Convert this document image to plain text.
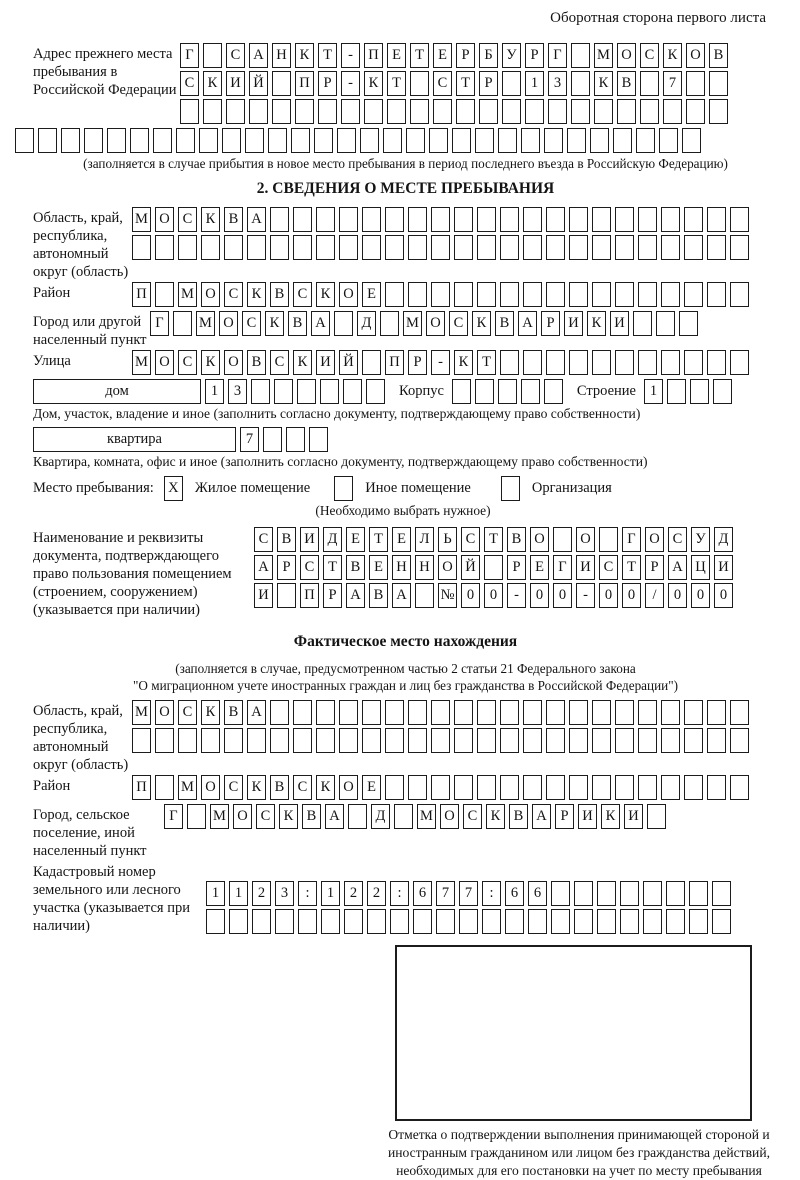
Оборотная сторона первого листа
Адрес прежнего места пребывания в Российской Федерации
Г	С А Н К Т	-	П Е Т Е	Р	Б У Р	Г	М О С К О В
С К И Й П Р	-	К Т	С Т	Р	1	3	К В	7
(заполняется в случае прибытия в новое место пребывания в период последнего въезда в Российскую Федерацию)
2. СВЕДЕНИЯ О МЕСТЕ ПРЕБЫВАНИЯ
Область, край, республика, автономный округ (область)
М О С К В А
Район	П М О С К В С К О Е
Город или другой населенный пункт
Г	М О С К В А	Д	М О С К В А Р И К И
Улица	М О С К О В С К И Й П Р	-	К Т
дом	1	3	Корпус	Строение 1
Дом, участок, владение и иное (заполнить согласно документу, подтверждающему право собственности)
квартира	7
Квартира, комната, офис и иное (заполнить согласно документу, подтверждающему право собственности)
Место пребывания: X Жилое помещение	Иное помещение	Организация
(Необходимо выбрать нужное)
Наименование и реквизиты документа, подтверждающего право пользования помещением (строением, сооружением) (указывается при наличии)
С В И Д Е Т Е Л Ь С Т В О О	Г О С У Д
А Р С Т В Е Н Н О Й	Р	Е Г И С Т	Р А Ц И
И П Р А В А № 0	0	-	0	0	-	0	0	/	0	0	0
Фактическое место нахождения
(заполняется в случае, предусмотренном частью 2 статьи 21 Федерального закона
"О миграционном учете иностранных граждан и лиц без гражданства в Российской Федерации")
Область, край, республика, автономный округ (область)
М О С К В А
Район	П М О С К В С К О Е
Город, сельское поселение, иной населенный пункт
Г	М О С К В А	Д	М О С К В А Р И К И
Кадастровый номер земельного или лесного участка (указывается при наличии)
1	1	2	3	:	1	2	2	:	6	7	7	:	6	6
Отметка о подтверждении выполнения принимающей стороной и иностранным гражданином или лицом без гражданства действий, необходимых для его постановки на учет по месту пребывания
